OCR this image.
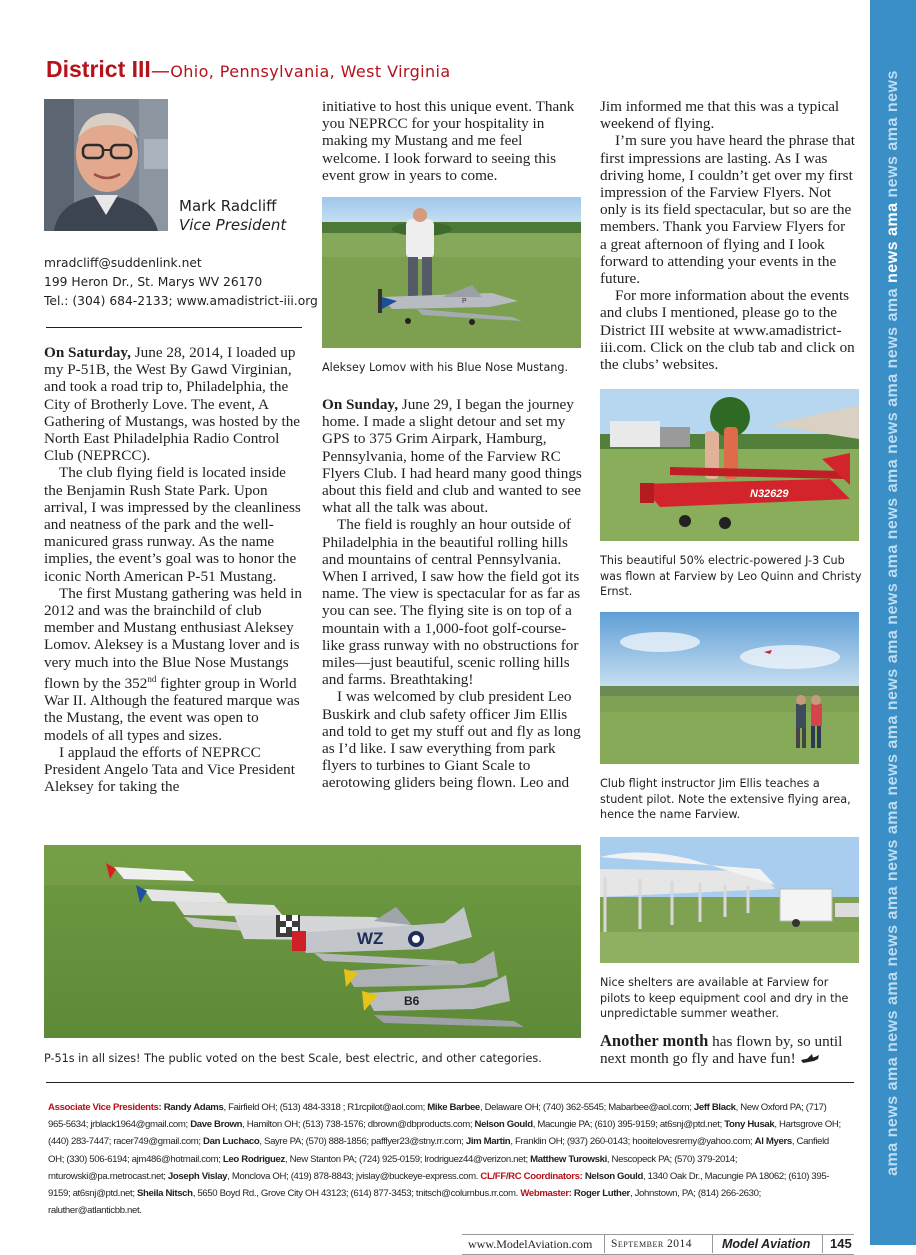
ama news ama news ama news ama news ama news ama news ama news ama news ama news ama news ama news ama news ama news
District III—Ohio, Pennsylvania, West Virginia
Mark Radcliff
Vice President
mradcliff@suddenlink.net
199 Heron Dr., St. Marys WV 26170
Tel.: (304) 684-2133; www.amadistrict-iii.org

On Saturday, June 28, 2014, I loaded up my P-51B, the West By Gawd Virginian, and took a road trip to, Philadelphia, the City of Brotherly Love. The event, A Gathering of Mustangs, was hosted by the North East Philadelphia Radio Control Club (NEPRCC).

The club flying field is located inside the Benjamin Rush State Park. Upon arrival, I was impressed by the cleanliness and neatness of the park and the well-manicured grass runway. As the name implies, the event’s goal was to honor the iconic North American P-51 Mustang.

The first Mustang gathering was held in 2012 and was the brainchild of club member and Mustang enthusiast Aleksey Lomov. Aleksey is a Mustang lover and is very much into the Blue Nose Mustangs flown by the 352nd fighter group in World War II. Although the featured marque was the Mustang, the event was open to models of all types and sizes.

I applaud the efforts of NEPRCC President Angelo Tata and Vice President Aleksey for taking the

initiative to host this unique event. Thank you NEPRCC for your hospitality in making my Mustang and me feel welcome. I look forward to seeing this event grow in years to come.

P
Aleksey Lomov with his Blue Nose Mustang.

On Sunday, June 29, I began the journey home. I made a slight detour and set my GPS to 375 Grim Airpark, Hamburg, Pennsylvania, home of the Farview RC Flyers Club. I had heard many good things about this field and club and wanted to see what all the talk was about.

The field is roughly an hour outside of Philadelphia in the beautiful rolling hills and mountains of central Pennsylvania. When I arrived, I saw how the field got its name. The view is spectacular for as far as you can see. The flying site is on top of a mountain with a 1,000-foot golf-course-like grass runway with no obstructions for miles—just beautiful, scenic rolling hills and farms. Breathtaking!

I was welcomed by club president Leo Buskirk and club safety officer Jim Ellis and told to get my stuff out and fly as long as I’d like. I saw everything from park flyers to turbines to Giant Scale to aerotowing gliders being flown. Leo and

Jim informed me that this was a typical weekend of flying.

I’m sure you have heard the phrase that first impressions are lasting. As I was driving home, I couldn’t get over my first impression of the Farview Flyers. Not only is its field spectacular, but so are the members. Thank you Farview Flyers for a great afternoon of flying and I look forward to attending your events in the future.

For more information about the events and clubs I mentioned, please go to the District III website at www.amadistrict-iii.com. Click on the club tab and click on the clubs’ websites.

N32629
This beautiful 50% electric-powered J-3 Cub was flown at Farview by Leo Quinn and Christy Ernst.
Club flight instructor Jim Ellis teaches a student pilot. Note the extensive flying area, hence the name Farview.
Nice shelters are available at Farview for pilots to keep equipment cool and dry in the unpredictable summer weather.

Another month has flown by, so until next month go fly and have fun!

WZ
B6
P-51s in all sizes! The public voted on the best Scale, best electric, and other categories.
Associate Vice Presidents: Randy Adams, Fairfield OH; (513) 484-3318 ; R1rcpilot@aol.com; Mike Barbee, Delaware OH; (740) 362-5545; Mabarbee@aol.com; Jeff Black, New Oxford PA; (717) 965-5634; jrblack1964@gmail.com; Dave Brown, Hamilton OH; (513) 738-1576; dbrown@dbproducts.com; Nelson Gould, Macungie PA; (610) 395-9159; at6snj@ptd.net; Tony Husak, Hartsgrove OH; (440) 283-7447; racer749@gmail.com; Dan Luchaco, Sayre PA; (570) 888-1856; pafflyer23@stny.rr.com; Jim Martin, Franklin OH; (937) 260-0143; hooitelovesremy@yahoo.com; Al Myers, Canfield OH; (330) 506-6194; ajm486@hotmail.com; Leo Rodriguez, New Stanton PA; (724) 925-0159; lrodriguez44@verizon.net; Matthew Turowski, Nescopeck PA; (570) 379-2014; mturowski@pa.metrocast.net; Joseph Vislay, Monclova OH; (419) 878-8843; jvislay@buckeye-express.com. CL/FF/RC Coordinators: Nelson Gould, 1340 Oak Dr., Macungie PA 18062; (610) 395-9159; at6snj@ptd.net; Sheila Nitsch, 5650 Boyd Rd., Grove City OH 43123; (614) 877-3453; tnitsch@columbus.rr.com. Webmaster: Roger Luther, Johnstown, PA; (814) 266-2630; raluther@atlanticbb.net.
www.ModelAviation.com September 2014 Model Aviation 145
